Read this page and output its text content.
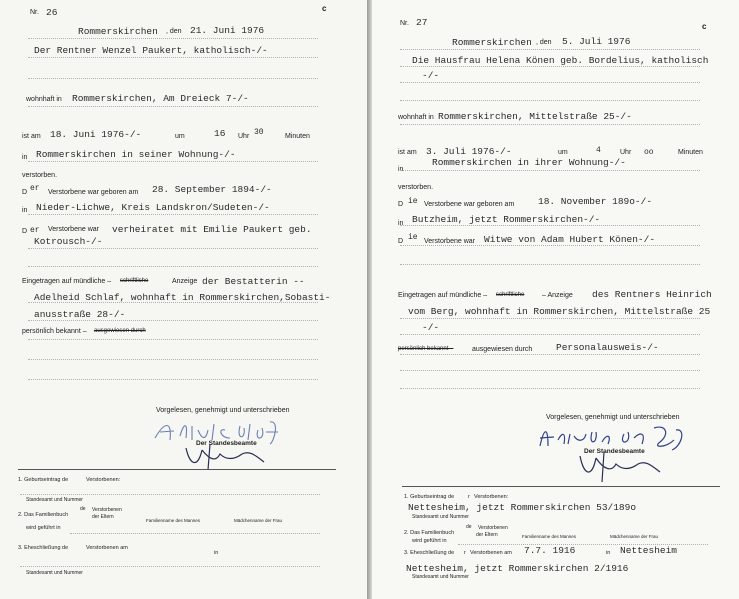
Nr. 26	c
Rommerskirchen , den 21. Juni 1976
Der Rentner Wenzel Paukert, katholisch-/-
wohnhaft in Rommerskirchen, Am Dreieck 7-/-
ist am 18. Juni 1976-/-	um	16 Uhr 30	Minuten
in Rommerskirchen in seiner Wohnung-/-
verstorben.
D er Verstorbene war geboren am 28. September 1894-/-
in Nieder-Lichwe, Kreis Landskron/Sudeten-/-
D er Verstorbene war verheiratet mit Emilie Paukert geb.
Kotrousch-/-
Eingetragen auf mündliche – schriftliche	Anzeige der Bestatterin --
Adelheid Schlaf, wohnhaft in Rommerskirchen,Sobasti-
anusstraße 28-/-
persönlich bekannt – ausgewiesen durch
Vorgelesen, genehmigt und unterschrieben
Der Standesbeamte
1. Geburtseintrag de	Verstorbenen:
Standesamt und Nummer
2. Das Familienbuch
de Verstorbenen
der Eltern
Familienname des Mannes	Mädchenname der Frau
wird geführt in
3. Eheschließung de	Verstorbenen am
in
Standesamt und Nummer
Nr. 27	c
Rommerskirchen , den 5. Juli 1976
Die Hausfrau Helena Könen geb. Bordelius, katholisch
-/-
wohnhaft in Rommerskirchen, Mittelstraße 25-/-
ist am 3. Juli 1976-/-	um	4	Uhr oo	Minuten
in
Rommerskirchen in ihrer Wohnung-/-
verstorben.
D ie Verstorbene war geboren am 18. November 189o-/-
in Butzheim, jetzt Rommerskirchen-/-
D ie Verstorbene war Witwe von Adam Hubert Könen-/-
Eingetragen auf mündliche – schriftliche	– Anzeige des Rentners Heinrich
vom Berg, wohnhaft in Rommerskirchen, Mittelstraße 25
-/-
persönlich bekannt –	ausgewiesen durch Personalausweis-/-
Vorgelesen, genehmigt und unterschrieben
Der Standesbeamte
1. Geburtseintrag de	r Verstorbenen:
Nettesheim, jetzt Rommerskirchen 53/189o
Standesamt und Nummer
2. Das Familienbuch
de Verstorbenen
der Eltern	Familienname des Mannes	Mädchenname der Frau
wird geführt in
3. Eheschließung de r Verstorbenen am 7.7. 1916	in Nettesheim
Nettesheim, jetzt Rommerskirchen 2/1916
Standesamt und Nummer
